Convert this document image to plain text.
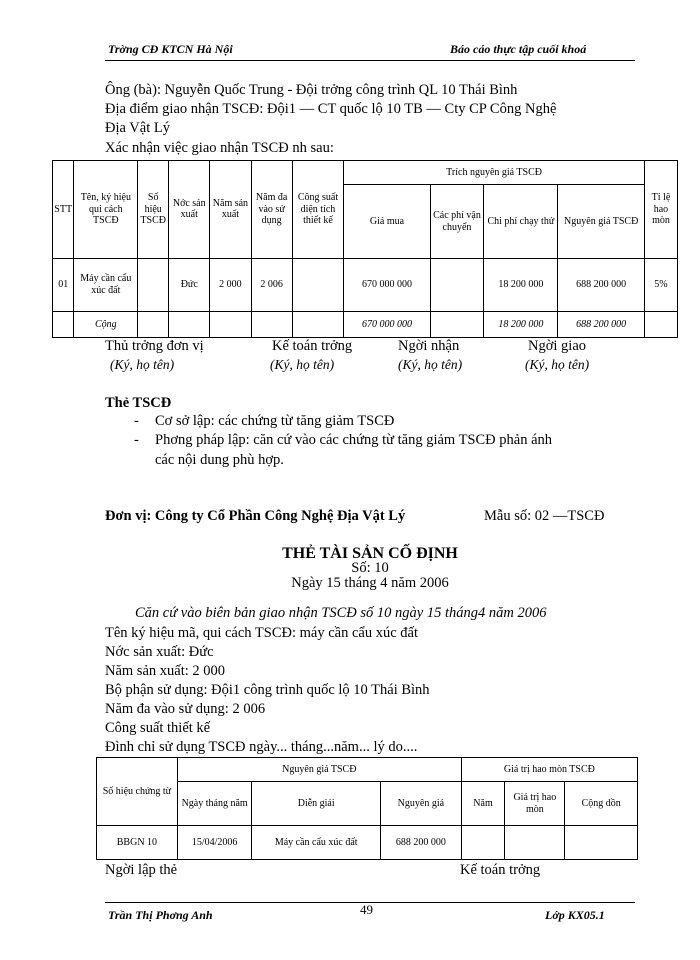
Trờng CĐ KTCN Hà Nội	Báo cáo thực tập cuối khoá
Ông (bà): Nguyễn Quốc Trung - Đội trởng công trình QL 10 Thái Bình
Địa điểm giao nhận TSCĐ: Đội1 — CT quốc lộ 10 TB — Cty CP Công Nghệ
Địa Vật Lý
Xác nhận việc giao nhận TSCĐ nh sau:
STT	Tên, ký hiệu qui cách TSCĐ	Số hiệu TSCĐ	Nớc sản xuất	Năm sản xuất	Năm đa vào sử dụng	Công suất diện tích thiết kế	Trích nguyên giá TSCĐ				Tỉ lệ hao mòn
							Giá mua	Các phí vận chuyển	Chi phí chạy thử	Nguyên giá TSCĐ	
01	Máy cần cẩu xúc đất		Đức	2 000	2 006		670 000 000		18 200 000	688 200 000	5%
	Cộng						670 000 000		18 200 000	688 200 000	
Thủ trởng đơn vị	Kế toán trởng	Ngời nhận	Ngời giao
(Ký, họ tên)	(Ký, họ tên)	(Ký, họ tên)	(Ký, họ tên)
Thẻ TSCĐ
- Cơ sở lập: các chứng từ tăng giảm TSCĐ
- Phơng pháp lập: căn cứ vào các chứng từ tăng giảm TSCĐ phản ánh
các nội dung phù hợp.
Đơn vị: Công ty Cổ Phần Công Nghệ Địa Vật Lý	Mẫu số: 02 —TSCĐ
THẺ TÀI SẢN CỐ ĐỊNH
Số: 10
Ngày 15 tháng 4 năm 2006
Căn cứ vào biên bản giao nhận TSCĐ số 10 ngày 15 tháng4 năm 2006
Tên ký hiệu mã, qui cách TSCĐ: máy cần cẩu xúc đất
Nớc sản xuất: Đức
Năm sản xuất: 2 000
Bộ phận sử dụng: Đội1 công trình quốc lộ 10 Thái Bình
Năm đa vào sử dụng: 2 006
Công suất thiết kế
Đình chỉ sử dụng TSCĐ ngày... tháng...năm... lý do....
Số hiệu chứng từ	Nguyên giá TSCĐ			Giá trị hao mòn TSCĐ		
	Ngày tháng năm	Diễn giải	Nguyên giá	Năm	Giá trị hao mòn	Cộng dồn
BBGN 10	15/04/2006	Máy cần cẩu xúc đất	688 200 000			
Ngời lập thẻ	Kế toán trởng
Trần Thị Phơng Anh	49	Lớp KX05.1
